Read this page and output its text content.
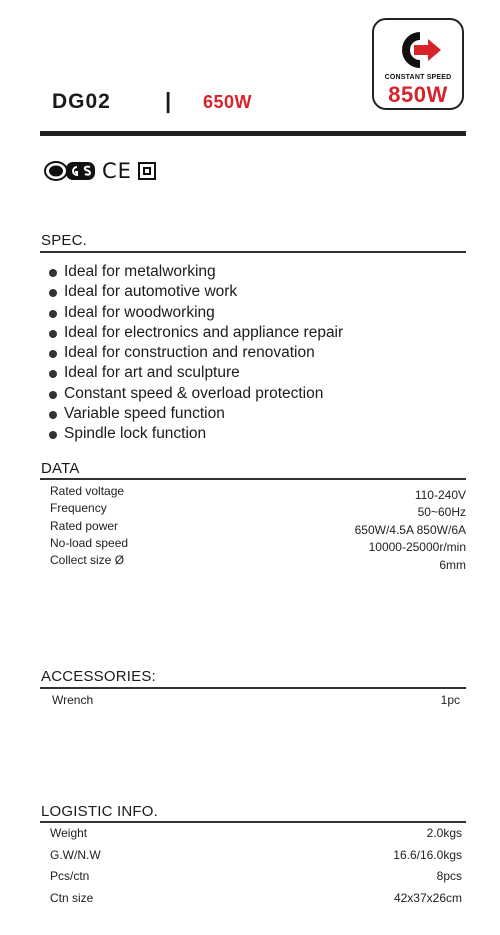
DG02 | 650W
CONSTANT SPEED
850W
CE
SPEC.
Ideal for metalworking
Ideal for automotive work
Ideal for woodworking
Ideal for electronics and appliance repair
Ideal for construction and renovation
Ideal for art and sculpture
Constant speed & overload protection
Variable speed function
Spindle lock function
DATA
Rated voltage	110-240V
Frequency	50~60Hz
Rated power	650W/4.5A 850W/6A
No-load speed	10000-25000r/min
Collect size Ø	6mm
ACCESSORIES:
Wrench	1pc
LOGISTIC INFO.
Weight	2.0kgs
G.W/N.W	16.6/16.0kgs
Pcs/ctn	8pcs
Ctn size	42x37x26cm
